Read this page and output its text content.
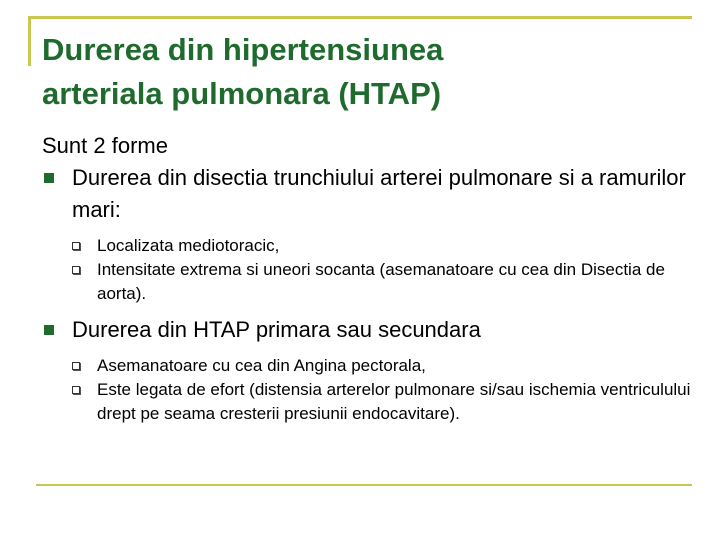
Durerea din hipertensiunea
arteriala pulmonara (HTAP)
Sunt 2 forme
Durerea din disectia trunchiului arterei pulmonare si a ramurilor mari:
Localizata mediotoracic,
Intensitate extrema si uneori socanta (asemanatoare cu cea din Disectia de aorta).
Durerea din HTAP primara sau secundara
Asemanatoare cu cea din Angina pectorala,
Este legata de efort (distensia arterelor pulmonare si/sau ischemia ventriculului drept pe seama cresterii presiunii endocavitare).
